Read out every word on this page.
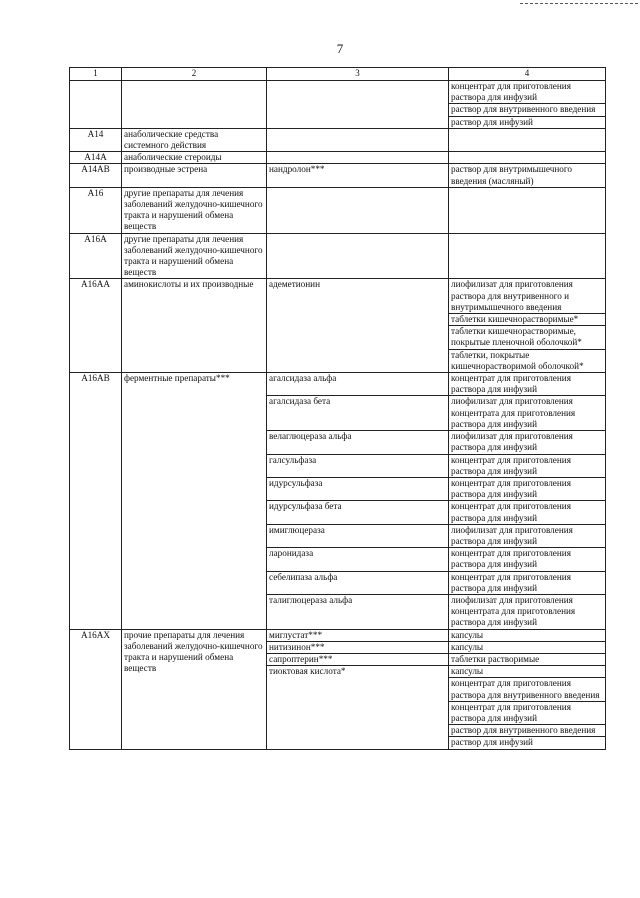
7
1	2	3	4
			концентрат для приготовления раствора для инфузий
			раствор для внутривенного введения
			раствор для инфузий
A14	анаболические средства системного действия		
A14A	анаболические стероиды		
A14AB	производные эстрена	нандролон***	раствор для внутримышечного введения (масляный)
A16	другие препараты для лечения заболеваний желудочно-кишечного тракта и нарушений обмена веществ		
A16A	другие препараты для лечения заболеваний желудочно-кишечного тракта и нарушений обмена веществ		
A16AA	аминокислоты и их производные	адеметионин	лиофилизат для приготовления раствора для внутривенного и внутримышечного введения
			таблетки кишечнорастворимые*
			таблетки кишечнорастворимые, покрытые пленочной оболочкой*
			таблетки, покрытые кишечнорастворимой оболочкой*
A16AB	ферментные препараты***	агалсидаза альфа	концентрат для приготовления раствора для инфузий
		агалсидаза бета	лиофилизат для приготовления концентрата для приготовления раствора для инфузий
		велаглюцераза альфа	лиофилизат для приготовления раствора для инфузий
		галсульфаза	концентрат для приготовления раствора для инфузий
		идурсульфаза	концентрат для приготовления раствора для инфузий
		идурсульфаза бета	концентрат для приготовления раствора для инфузий
		имиглюцераза	лиофилизат для приготовления раствора для инфузий
		ларонидаза	концентрат для приготовления раствора для инфузий
		себелипаза альфа	концентрат для приготовления раствора для инфузий
		талиглюцераза альфа	лиофилизат для приготовления концентрата для приготовления раствора для инфузий
A16AX	прочие препараты для лечения заболеваний желудочно-кишечного тракта и нарушений обмена веществ	миглустат***	капсулы
		нитизинон***	капсулы
		сапроптерин***	таблетки растворимые
		тиоктовая кислота*	капсулы
			концентрат для приготовления раствора для внутривенного введения
			концентрат для приготовления раствора для инфузий
			раствор для внутривенного введения
			раствор для инфузий
